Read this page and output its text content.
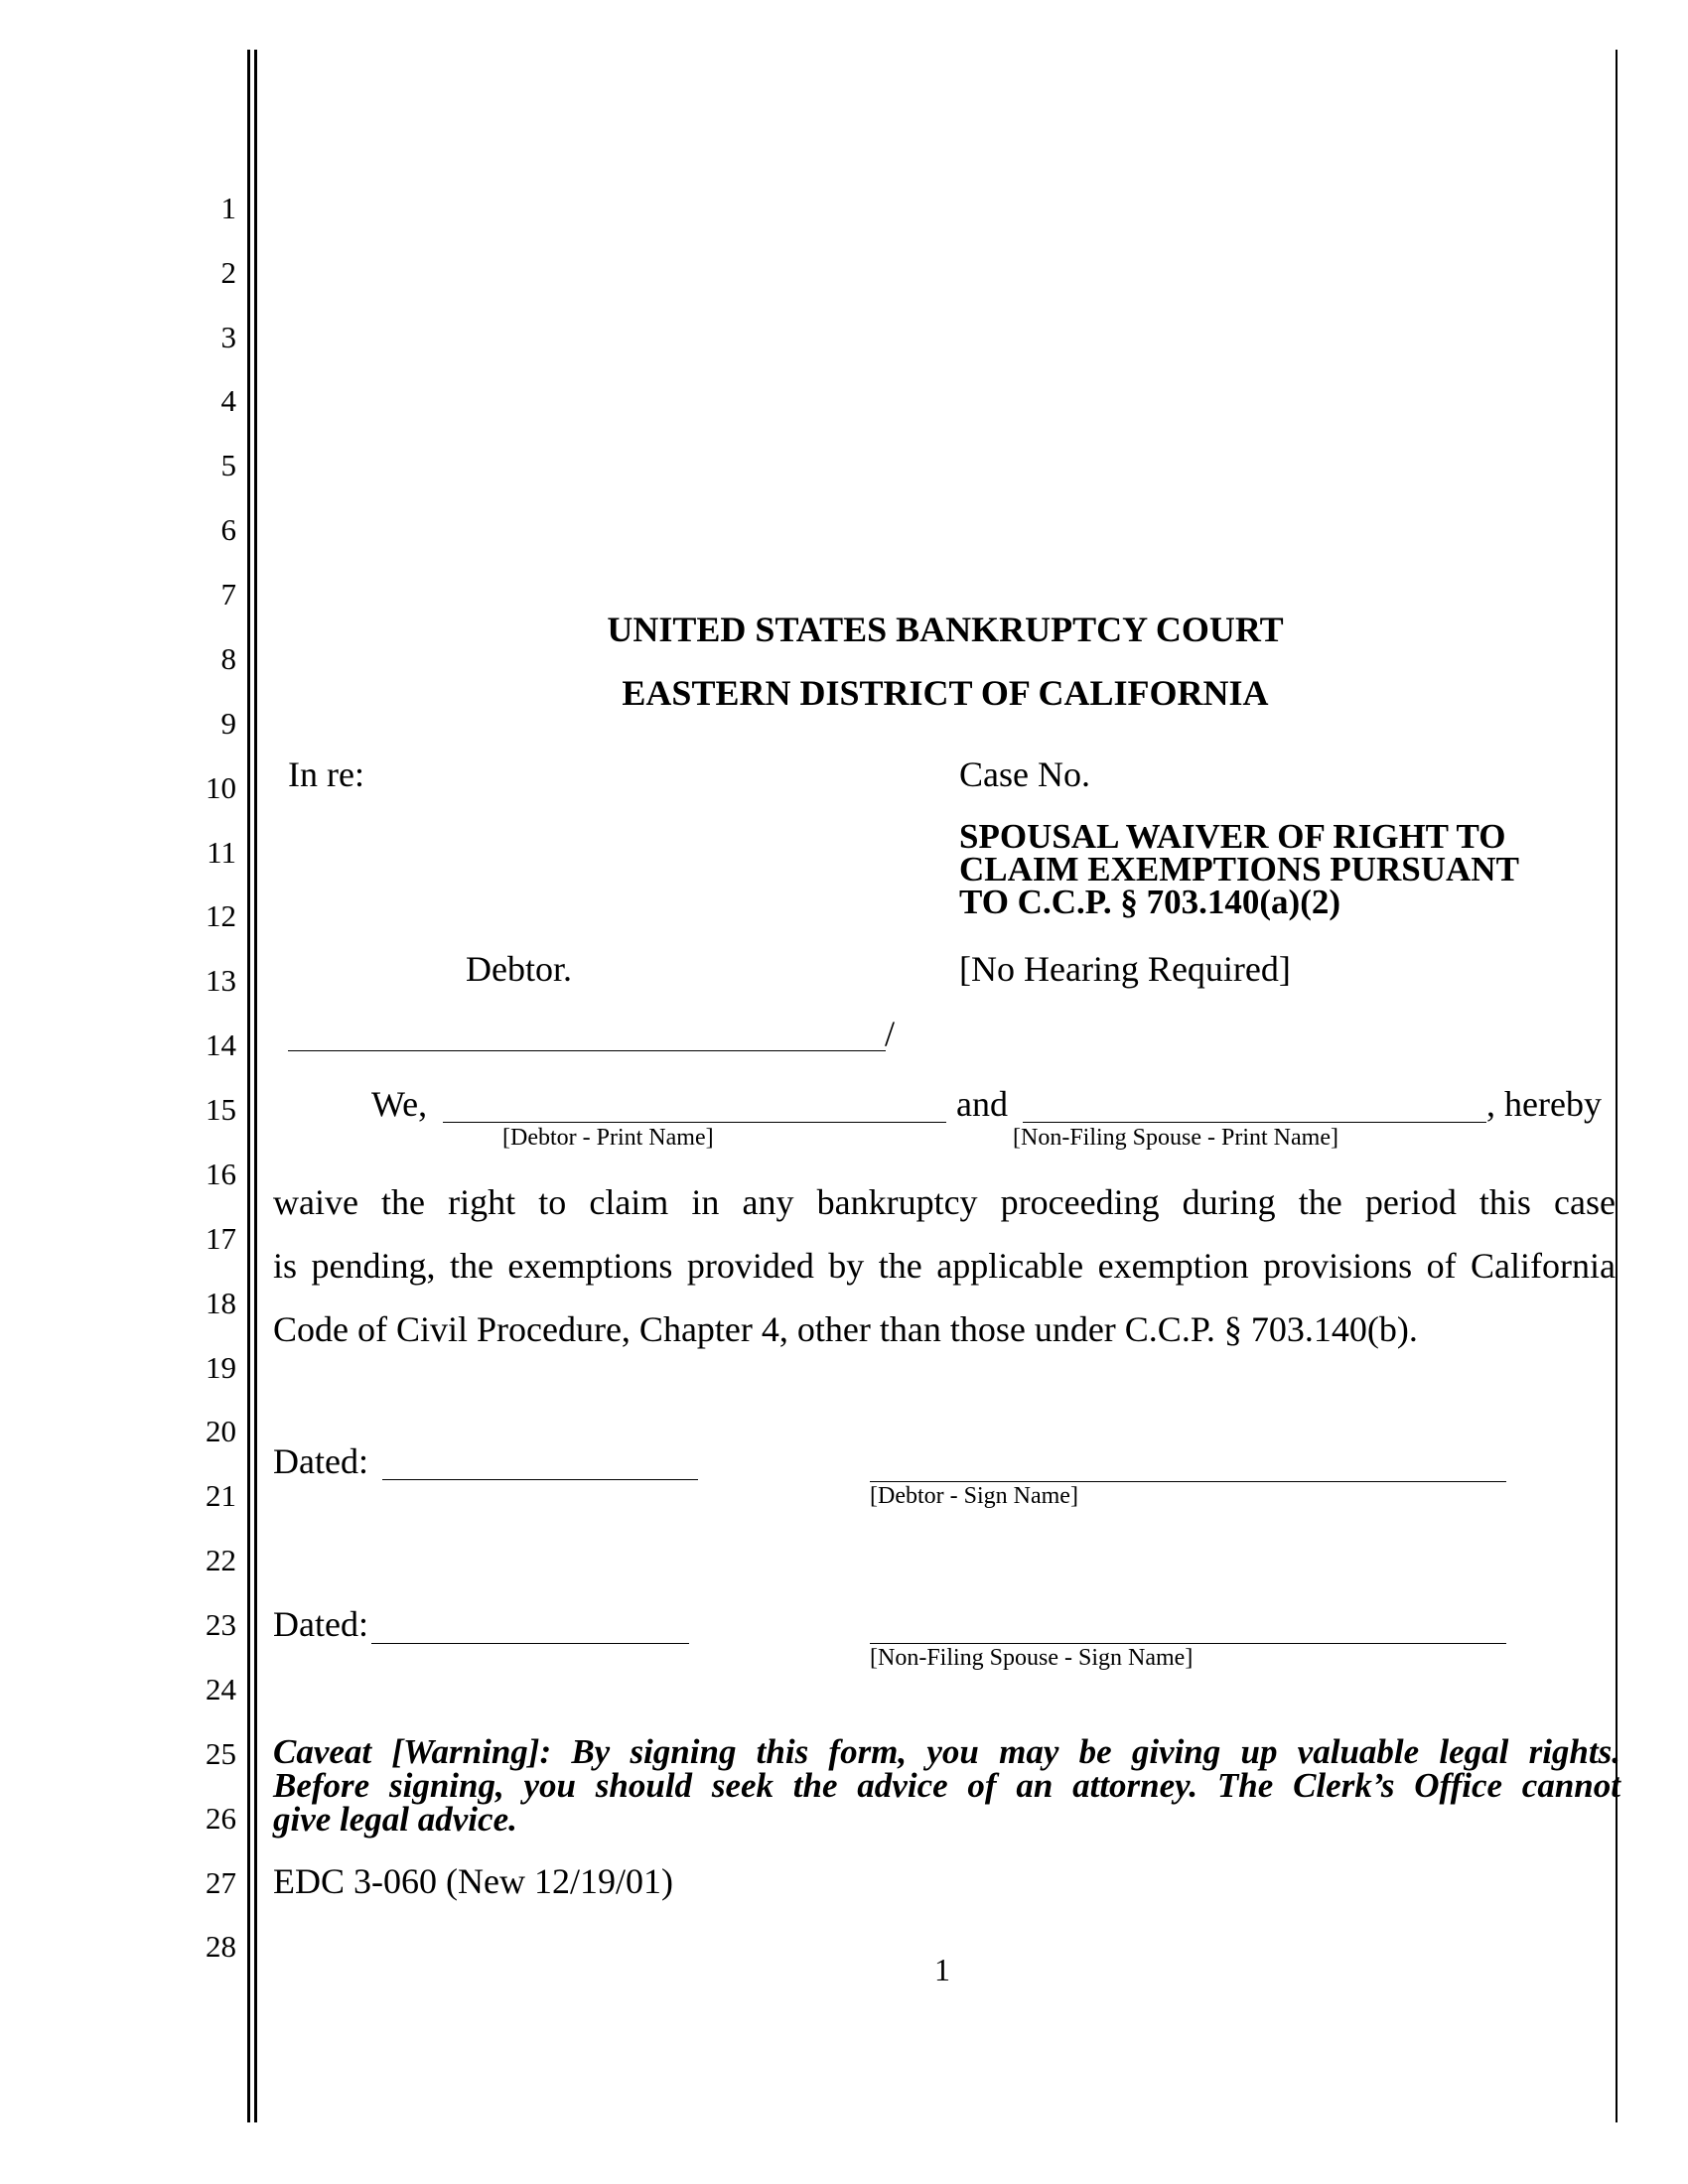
1
2
3
4
5
6
7
8
9
10
11
12
13
14
15
16
17
18
19
20
21
22
23
24
25
26
27
28
UNITED STATES BANKRUPTCY COURT
EASTERN DISTRICT OF CALIFORNIA
In re:
Debtor.
/
Case No.
SPOUSAL WAIVER OF RIGHT TO
CLAIM EXEMPTIONS PURSUANT
TO C.C.P. § 703.140(a)(2)
[No Hearing Required]
We,	and	, hereby
[Debtor - Print Name]	[Non-Filing Spouse - Print Name]
waive the right to claim in any bankruptcy proceeding during the period this case
is pending, the exemptions provided by the applicable exemption provisions of California
Code of Civil Procedure, Chapter 4, other than those under C.C.P. § 703.140(b).
Dated:
[Debtor - Sign Name]
Dated:
[Non-Filing Spouse - Sign Name]
Caveat [Warning]: By signing this form, you may be giving up valuable legal rights.
Before signing, you should seek the advice of an attorney. The Clerk’s Office cannot
give legal advice.
EDC 3-060 (New 12/19/01)
1
